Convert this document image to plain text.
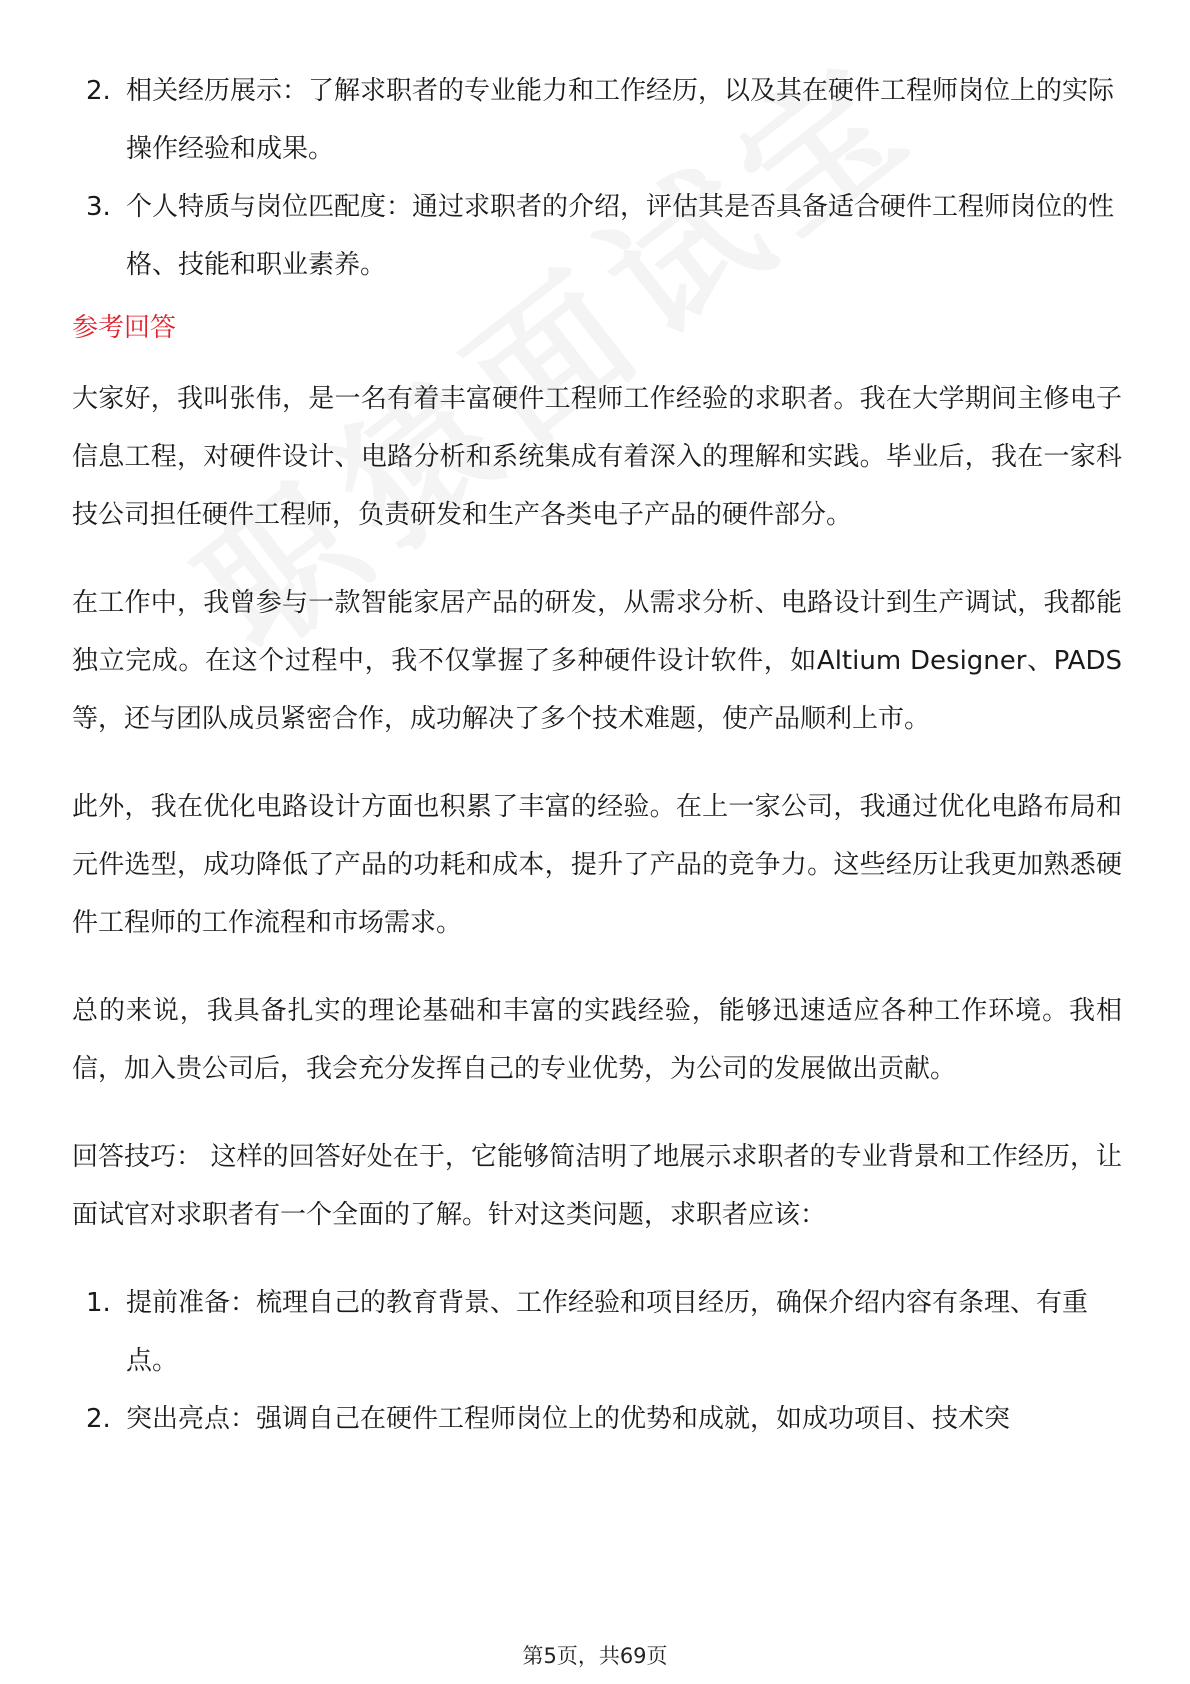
2. 相关经历展示：了解求职者的专业能力和工作经历，以及其在硬件工程师岗位上的实际操作经验和成果。
3. 个人特质与岗位匹配度：通过求职者的介绍，评估其是否具备适合硬件工程师岗位的性格、技能和职业素养。
参考回答

大家好，我叫张伟，是一名有着丰富硬件工程师工作经验的求职者。我在大学期间主修电子信息工程，对硬件设计、电路分析和系统集成有着深入的理解和实践。毕业后，我在一家科技公司担任硬件工程师，负责研发和生产各类电子产品的硬件部分。

在工作中，我曾参与一款智能家居产品的研发，从需求分析、电路设计到生产调试，我都能独立完成。在这个过程中，我不仅掌握了多种硬件设计软件，如Altium Designer、PADS等，还与团队成员紧密合作，成功解决了多个技术难题，使产品顺利上市。

此外，我在优化电路设计方面也积累了丰富的经验。在上一家公司，我通过优化电路布局和元件选型，成功降低了产品的功耗和成本，提升了产品的竞争力。这些经历让我更加熟悉硬件工程师的工作流程和市场需求。

总的来说，我具备扎实的理论基础和丰富的实践经验，能够迅速适应各种工作环境。我相信，加入贵公司后，我会充分发挥自己的专业优势，为公司的发展做出贡献。

回答技巧： 这样的回答好处在于，它能够简洁明了地展示求职者的专业背景和工作经历，让面试官对求职者有一个全面的了解。针对这类问题，求职者应该：

1. 提前准备：梳理自己的教育背景、工作经验和项目经历，确保介绍内容有条理、有重点。
2. 突出亮点：强调自己在硬件工程师岗位上的优势和成就，如成功项目、技术突
第5页，共69页
